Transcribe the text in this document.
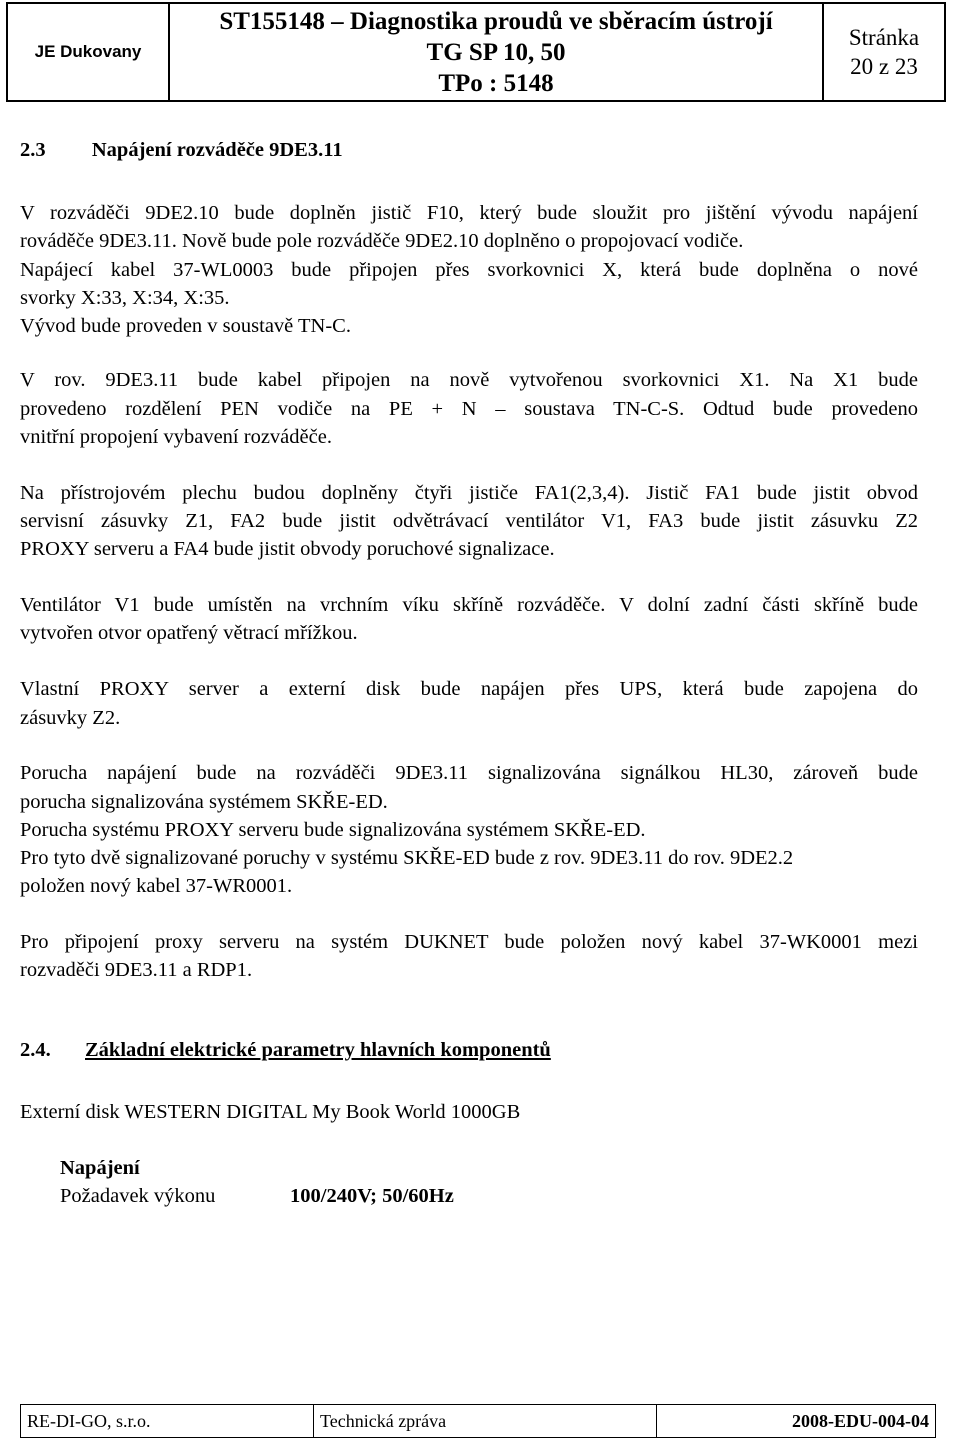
JE Dukovany	
ST155148 – Diagnostika proudů ve sběracím ústrojí
TG SP 10, 50
TPo : 5148

Stránka
20 z 23
2.3 Napájení rozváděče 9DE3.11
V rozváděči 9DE2.10 bude doplněn jistič F10, který bude sloužit pro jištění vývodu napájení
rováděče 9DE3.11. Nově bude pole rozváděče 9DE2.10 doplněno o propojovací vodiče.
Napájecí kabel 37-WL0003 bude připojen přes svorkovnici X, která bude doplněna o nové
svorky X:33, X:34, X:35.
Vývod bude proveden v soustavě TN-C.
V rov. 9DE3.11 bude kabel připojen na nově vytvořenou svorkovnici X1. Na X1 bude
provedeno rozdělení PEN vodiče na PE + N – soustava TN-C-S. Odtud bude provedeno
vnitřní propojení vybavení rozváděče.
Na přístrojovém plechu budou doplněny čtyři jističe FA1(2,3,4). Jistič FA1 bude jistit obvod
servisní zásuvky Z1, FA2 bude jistit odvětrávací ventilátor V1, FA3 bude jistit zásuvku Z2
PROXY serveru a FA4 bude jistit obvody poruchové signalizace.
Ventilátor V1 bude umístěn na vrchním víku skříně rozváděče. V dolní zadní části skříně bude
vytvořen otvor opatřený větrací mřížkou.
Vlastní PROXY server a externí disk bude napájen přes UPS, která bude zapojena do
zásuvky Z2.
Porucha napájení bude na rozváděči 9DE3.11 signalizována signálkou HL30, zároveň bude
porucha signalizována systémem SKŘE-ED.
Porucha systému PROXY serveru bude signalizována systémem SKŘE-ED.
Pro tyto dvě signalizované poruchy v systému SKŘE-ED bude z rov. 9DE3.11 do rov. 9DE2.2
položen nový kabel 37-WR0001.
Pro připojení proxy serveru na systém DUKNET bude položen nový kabel 37-WK0001 mezi
rozvaděči 9DE3.11 a RDP1.
2.4. Základní elektrické parametry hlavních komponentů
Externí disk WESTERN DIGITAL My Book World 1000GB
Napájení
Požadavek výkonu	100/240V; 50/60Hz
RE-DI-GO, s.r.o.	Technická zpráva	2008-EDU-004-04
